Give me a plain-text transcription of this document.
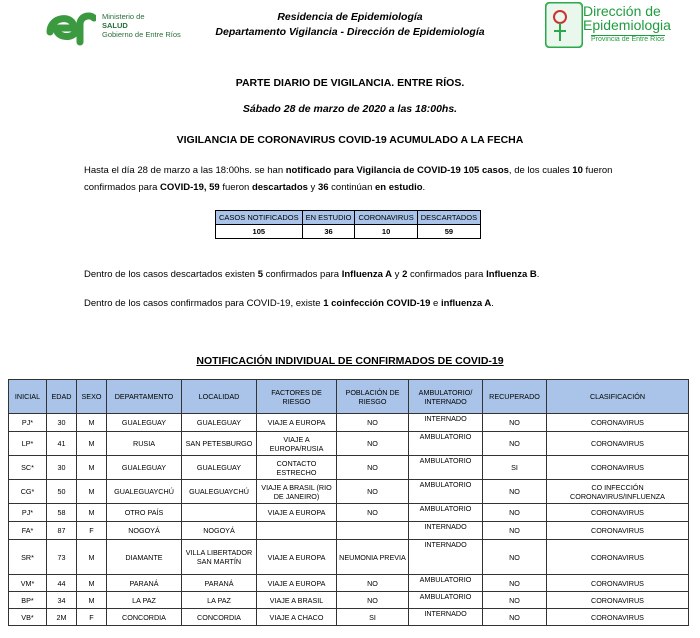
Ministerio de
SALUD
Gobierno de Entre Ríos
Residencia de Epidemiología
Departamento Vigilancia - Dirección de Epidemiología
Dirección de
Epidemiologia
Provincia de Entre Ríos
PARTE DIARIO DE VIGILANCIA. ENTRE RÍOS.
Sábado 28 de marzo de 2020 a las 18:00hs.
VIGILANCIA DE CORONAVIRUS COVID-19 ACUMULADO A LA FECHA
Hasta el día 28 de marzo a las 18:00hs. se han notificado para Vigilancia de COVID-19 105 casos, de los cuales 10 fueron confirmados para COVID-19, 59 fueron descartados y 36 continúan en estudio.
CASOS NOTIFICADOS	EN ESTUDIO	CORONAVIRUS	DESCARTADOS
105	36	10	59
Dentro de los casos descartados existen 5 confirmados para Influenza A y 2 confirmados para Influenza B.
Dentro de los casos confirmados para COVID-19, existe 1 coinfección COVID-19 e influenza A.
NOTIFICACIÓN INDIVIDUAL DE CONFIRMADOS DE COVID-19
INICIAL	EDAD	SEXO	DEPARTAMENTO	LOCALIDAD	FACTORES DE RIESGO	POBLACIÓN DE RIESGO	AMBULATORIO/ INTERNADO	RECUPERADO	CLASIFICACIÓN
PJ*	30	M	GUALEGUAY	GUALEGUAY	VIAJE A EUROPA	NO	INTERNADO	NO	CORONAVIRUS
LP*	41	M	RUSIA	SAN PETESBURGO	VIAJE A EUROPA/RUSIA	NO	AMBULATORIO	NO	CORONAVIRUS
SC*	30	M	GUALEGUAY	GUALEGUAY	CONTACTO ESTRECHO	NO	AMBULATORIO	SI	CORONAVIRUS
CG*	50	M	GUALEGUAYCHÚ	GUALEGUAYCHÚ	VIAJE A BRASIL (RIO DE JANEIRO)	NO	AMBULATORIO	NO	CO INFECCIÓN CORONAVIRUS/INFLUENZA
PJ*	58	M	OTRO PAÍS		VIAJE A EUROPA	NO	AMBULATORIO	NO	CORONAVIRUS
FA*	87	F	NOGOYÁ	NOGOYÁ			INTERNADO	NO	CORONAVIRUS
SR*	73	M	DIAMANTE	VILLA LIBERTADOR SAN MARTÍN	VIAJE A EUROPA	NEUMONIA PREVIA	INTERNADO	NO	CORONAVIRUS
VM*	44	M	PARANÁ	PARANÁ	VIAJE A EUROPA	NO	AMBULATORIO	NO	CORONAVIRUS
BP*	34	M	LA PAZ	LA PAZ	VIAJE A BRASIL	NO	AMBULATORIO	NO	CORONAVIRUS
VB*	2M	F	CONCORDIA	CONCORDIA	VIAJE A CHACO	SI	INTERNADO	NO	CORONAVIRUS
